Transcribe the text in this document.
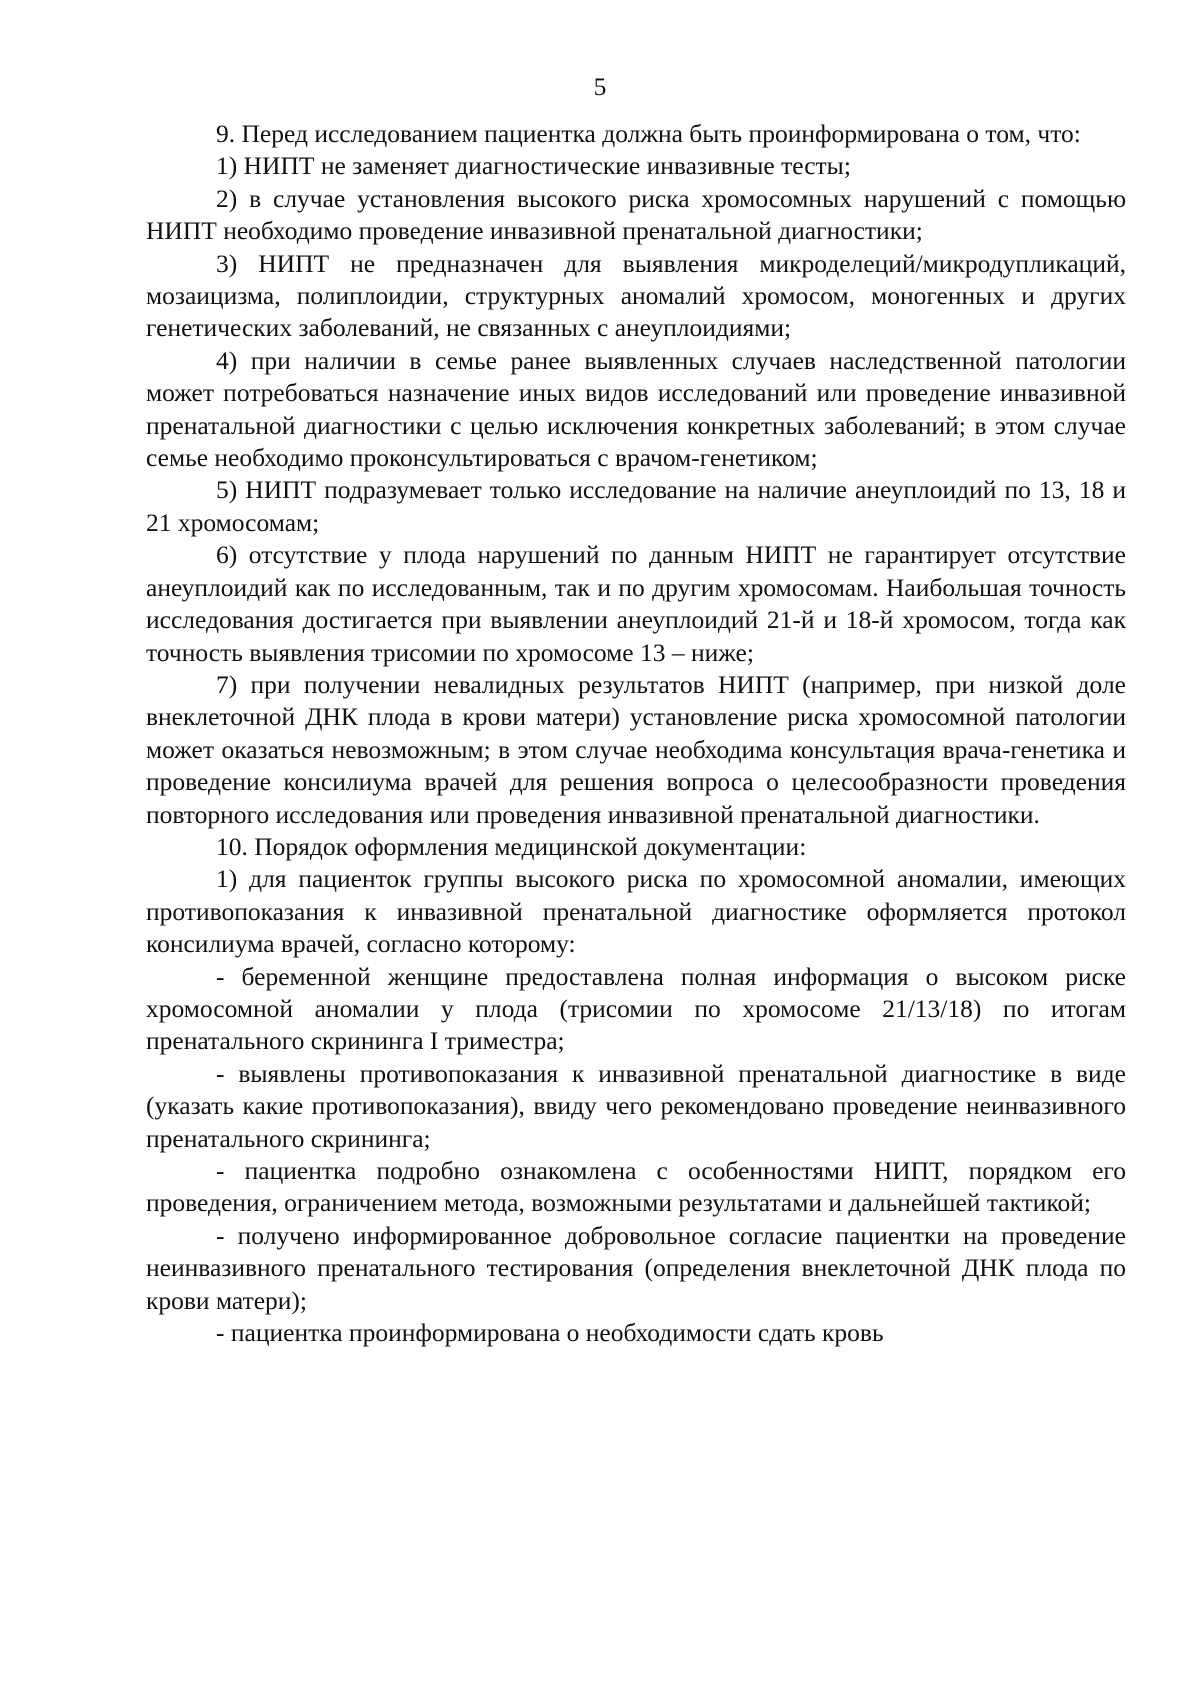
5

9. Перед исследованием пациентка должна быть проинформирована о том, что:

1) НИПТ не заменяет диагностические инвазивные тесты;

2) в случае установления высокого риска хромосомных нарушений с помощью НИПТ необходимо проведение инвазивной пренатальной диагностики;

3) НИПТ не предназначен для выявления микроделеций/микродупликаций, мозаицизма, полиплоидии, структурных аномалий хромосом, моногенных и других генетических заболеваний, не связанных с анеуплоидиями;

4) при наличии в семье ранее выявленных случаев наследственной патологии может потребоваться назначение иных видов исследований или проведение инвазивной пренатальной диагностики с целью исключения конкретных заболеваний; в этом случае семье необходимо проконсультироваться с врачом-генетиком;

5) НИПТ подразумевает только исследование на наличие анеуплоидий по 13, 18 и 21 хромосомам;

6) отсутствие у плода нарушений по данным НИПТ не гарантирует отсутствие анеуплоидий как по исследованным, так и по другим хромосомам. Наибольшая точность исследования достигается при выявлении анеуплоидий 21-й и 18-й хромосом, тогда как точность выявления трисомии по хромосоме 13 – ниже;

7) при получении невалидных результатов НИПТ (например, при низкой доле внеклеточной ДНК плода в крови матери) установление риска хромосомной патологии может оказаться невозможным; в этом случае необходима консультация врача-генетика и проведение консилиума врачей для решения вопроса о целесообразности проведения повторного исследования или проведения инвазивной пренатальной диагностики.

10. Порядок оформления медицинской документации:

1) для пациенток группы высокого риска по хромосомной аномалии, имеющих противопоказания к инвазивной пренатальной диагностике оформляется протокол консилиума врачей, согласно которому:

- беременной женщине предоставлена полная информация о высоком риске хромосомной аномалии у плода (трисомии по хромосоме 21/13/18) по итогам пренатального скрининга I триместра;

- выявлены противопоказания к инвазивной пренатальной диагностике в виде (указать какие противопоказания), ввиду чего рекомендовано проведение неинвазивного пренатального скрининга;

- пациентка подробно ознакомлена с особенностями НИПТ, порядком его проведения, ограничением метода, возможными результатами и дальнейшей тактикой;

- получено информированное добровольное согласие пациентки на проведение неинвазивного пренатального тестирования (определения внеклеточной ДНК плода по крови матери);

- пациентка проинформирована о необходимости сдать кровь
